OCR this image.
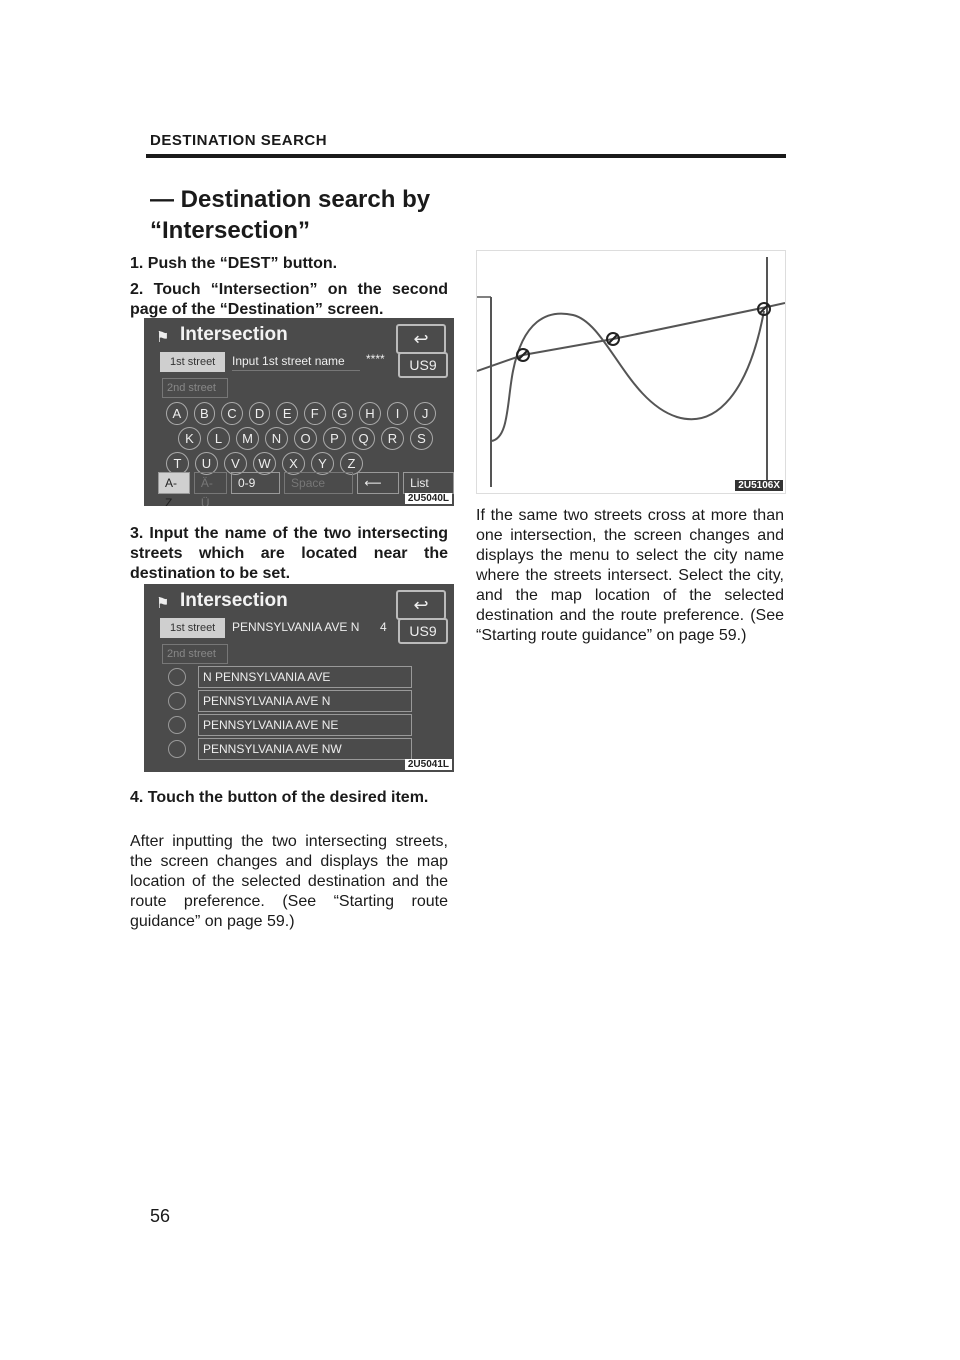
DESTINATION SEARCH
— Destination search by
“Intersection”
1. Push the “DEST” button.
2. Touch “Intersection” on the second page of the “Destination” screen.
⚑ Intersection	↩
1st street	Input 1st street name ****	US9
2nd street
A	B	C	D	E	F	G	H	I	J
K	L	M	N	O	P	Q	R	S
T	U	V	W	X	Y	Z
A-Z
Ä-Ü
0-9	Space	⟵	List
2U5040L
3. Input the name of the two intersecting streets which are located near the destination to be set.
⚑ Intersection	↩
1st street	PENNSYLVANIA AVE N 4	US9
2nd street
N PENNSYLVANIA AVE
PENNSYLVANIA AVE N
PENNSYLVANIA AVE NE
PENNSYLVANIA AVE NW
2U5041L
4. Touch the button of the desired item.
After inputting the two intersecting streets, the screen changes and displays the map location of the selected destination and the route preference. (See “Starting route guidance” on page 59.)
2U5106X
If the same two streets cross at more than one intersection, the screen changes and displays the menu to select the city name where the streets intersect. Select the city, and the map location of the selected destination and the route preference. (See “Starting route guidance” on page 59.)
56
